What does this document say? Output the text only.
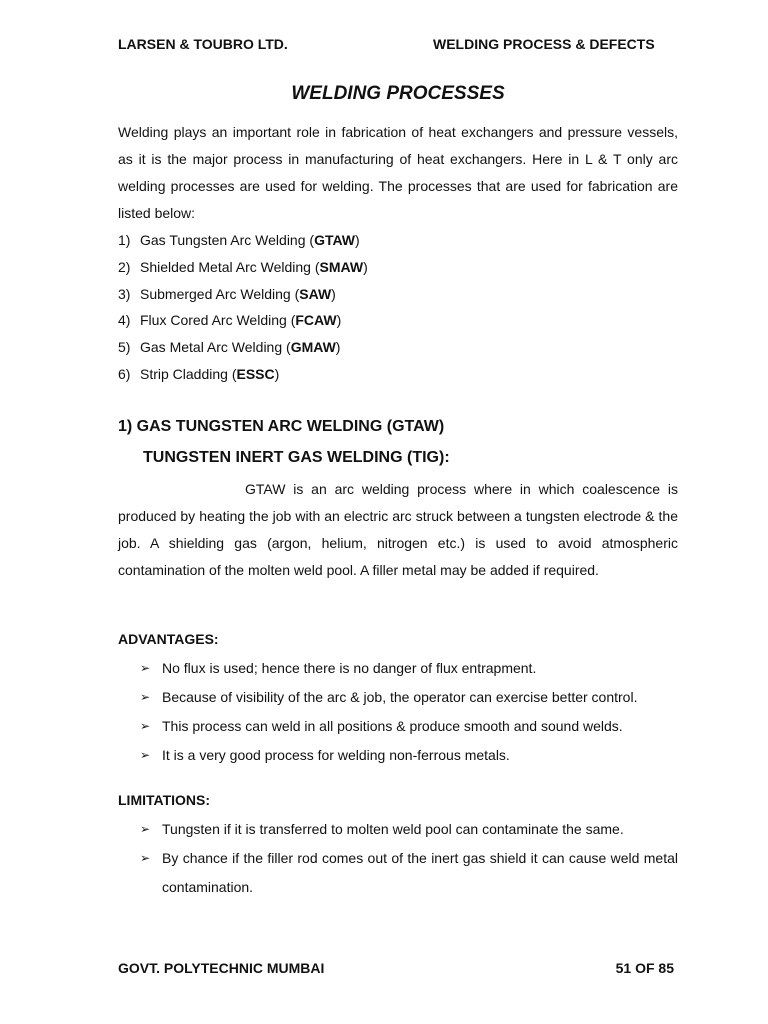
LARSEN & TOUBRO LTD.	WELDING PROCESS & DEFECTS
WELDING PROCESSES

Welding plays an important role in fabrication of heat exchangers and pressure vessels, as it is the major process in manufacturing of heat exchangers. Here in L & T only arc welding processes are used for welding. The processes that are used for fabrication are listed below:

1) Gas Tungsten Arc Welding (GTAW)
2) Shielded Metal Arc Welding (SMAW)
3) Submerged Arc Welding (SAW)
4) Flux Cored Arc Welding (FCAW)
5) Gas Metal Arc Welding (GMAW)
6) Strip Cladding (ESSC)
1) GAS TUNGSTEN ARC WELDING (GTAW)
TUNGSTEN INERT GAS WELDING (TIG):

GTAW is an arc welding process where in which coalescence is produced by heating the job with an electric arc struck between a tungsten electrode & the job. A shielding gas (argon, helium, nitrogen etc.) is used to avoid atmospheric contamination of the molten weld pool. A filler metal may be added if required.

ADVANTAGES:
➢ No flux is used; hence there is no danger of flux entrapment.
➢ Because of visibility of the arc & job, the operator can exercise better control.
➢ This process can weld in all positions & produce smooth and sound welds.
➢ It is a very good process for welding non-ferrous metals.
LIMITATIONS:
➢ Tungsten if it is transferred to molten weld pool can contaminate the same.
➢ By chance if the filler rod comes out of the inert gas shield it can cause weld metal contamination.
GOVT. POLYTECHNIC MUMBAI	51 OF 85
